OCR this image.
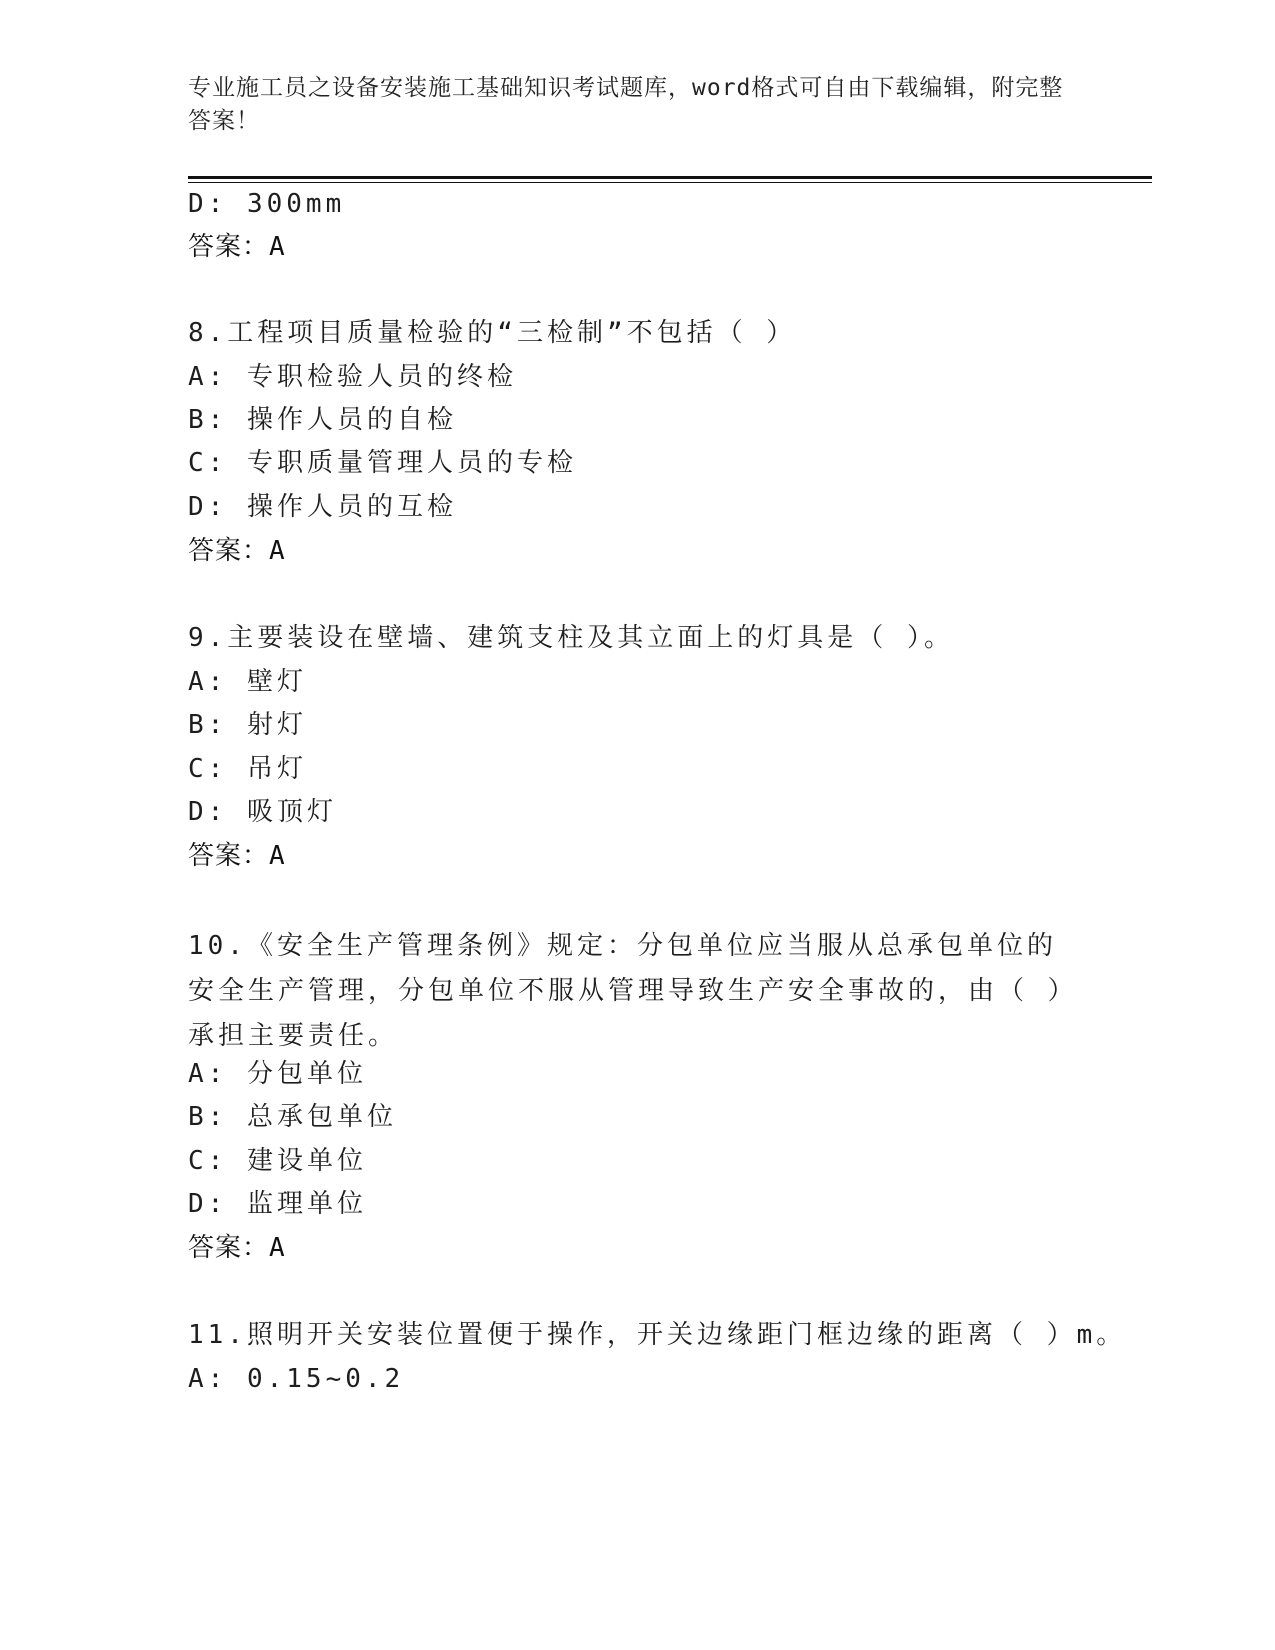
专业施工员之设备安装施工基础知识考试题库，word格式可自由下载编辑，附完整答案！
D: 300mm
答案：A
8.工程项目质量检验的“三检制”不包括（ ）
A: 专职检验人员的终检
B: 操作人员的自检
C: 专职质量管理人员的专检
D: 操作人员的互检
答案：A
9.主要装设在壁墙、建筑支柱及其立面上的灯具是（ ）。
A: 壁灯
B: 射灯
C: 吊灯
D: 吸顶灯
答案：A
10.《安全生产管理条例》规定：分包单位应当服从总承包单位的安全生产管理，分包单位不服从管理导致生产安全事故的，由（ ）承担主要责任。
A: 分包单位
B: 总承包单位
C: 建设单位
D: 监理单位
答案：A
11.照明开关安装位置便于操作，开关边缘距门框边缘的距离（ ）m。
A: 0.15~0.2
